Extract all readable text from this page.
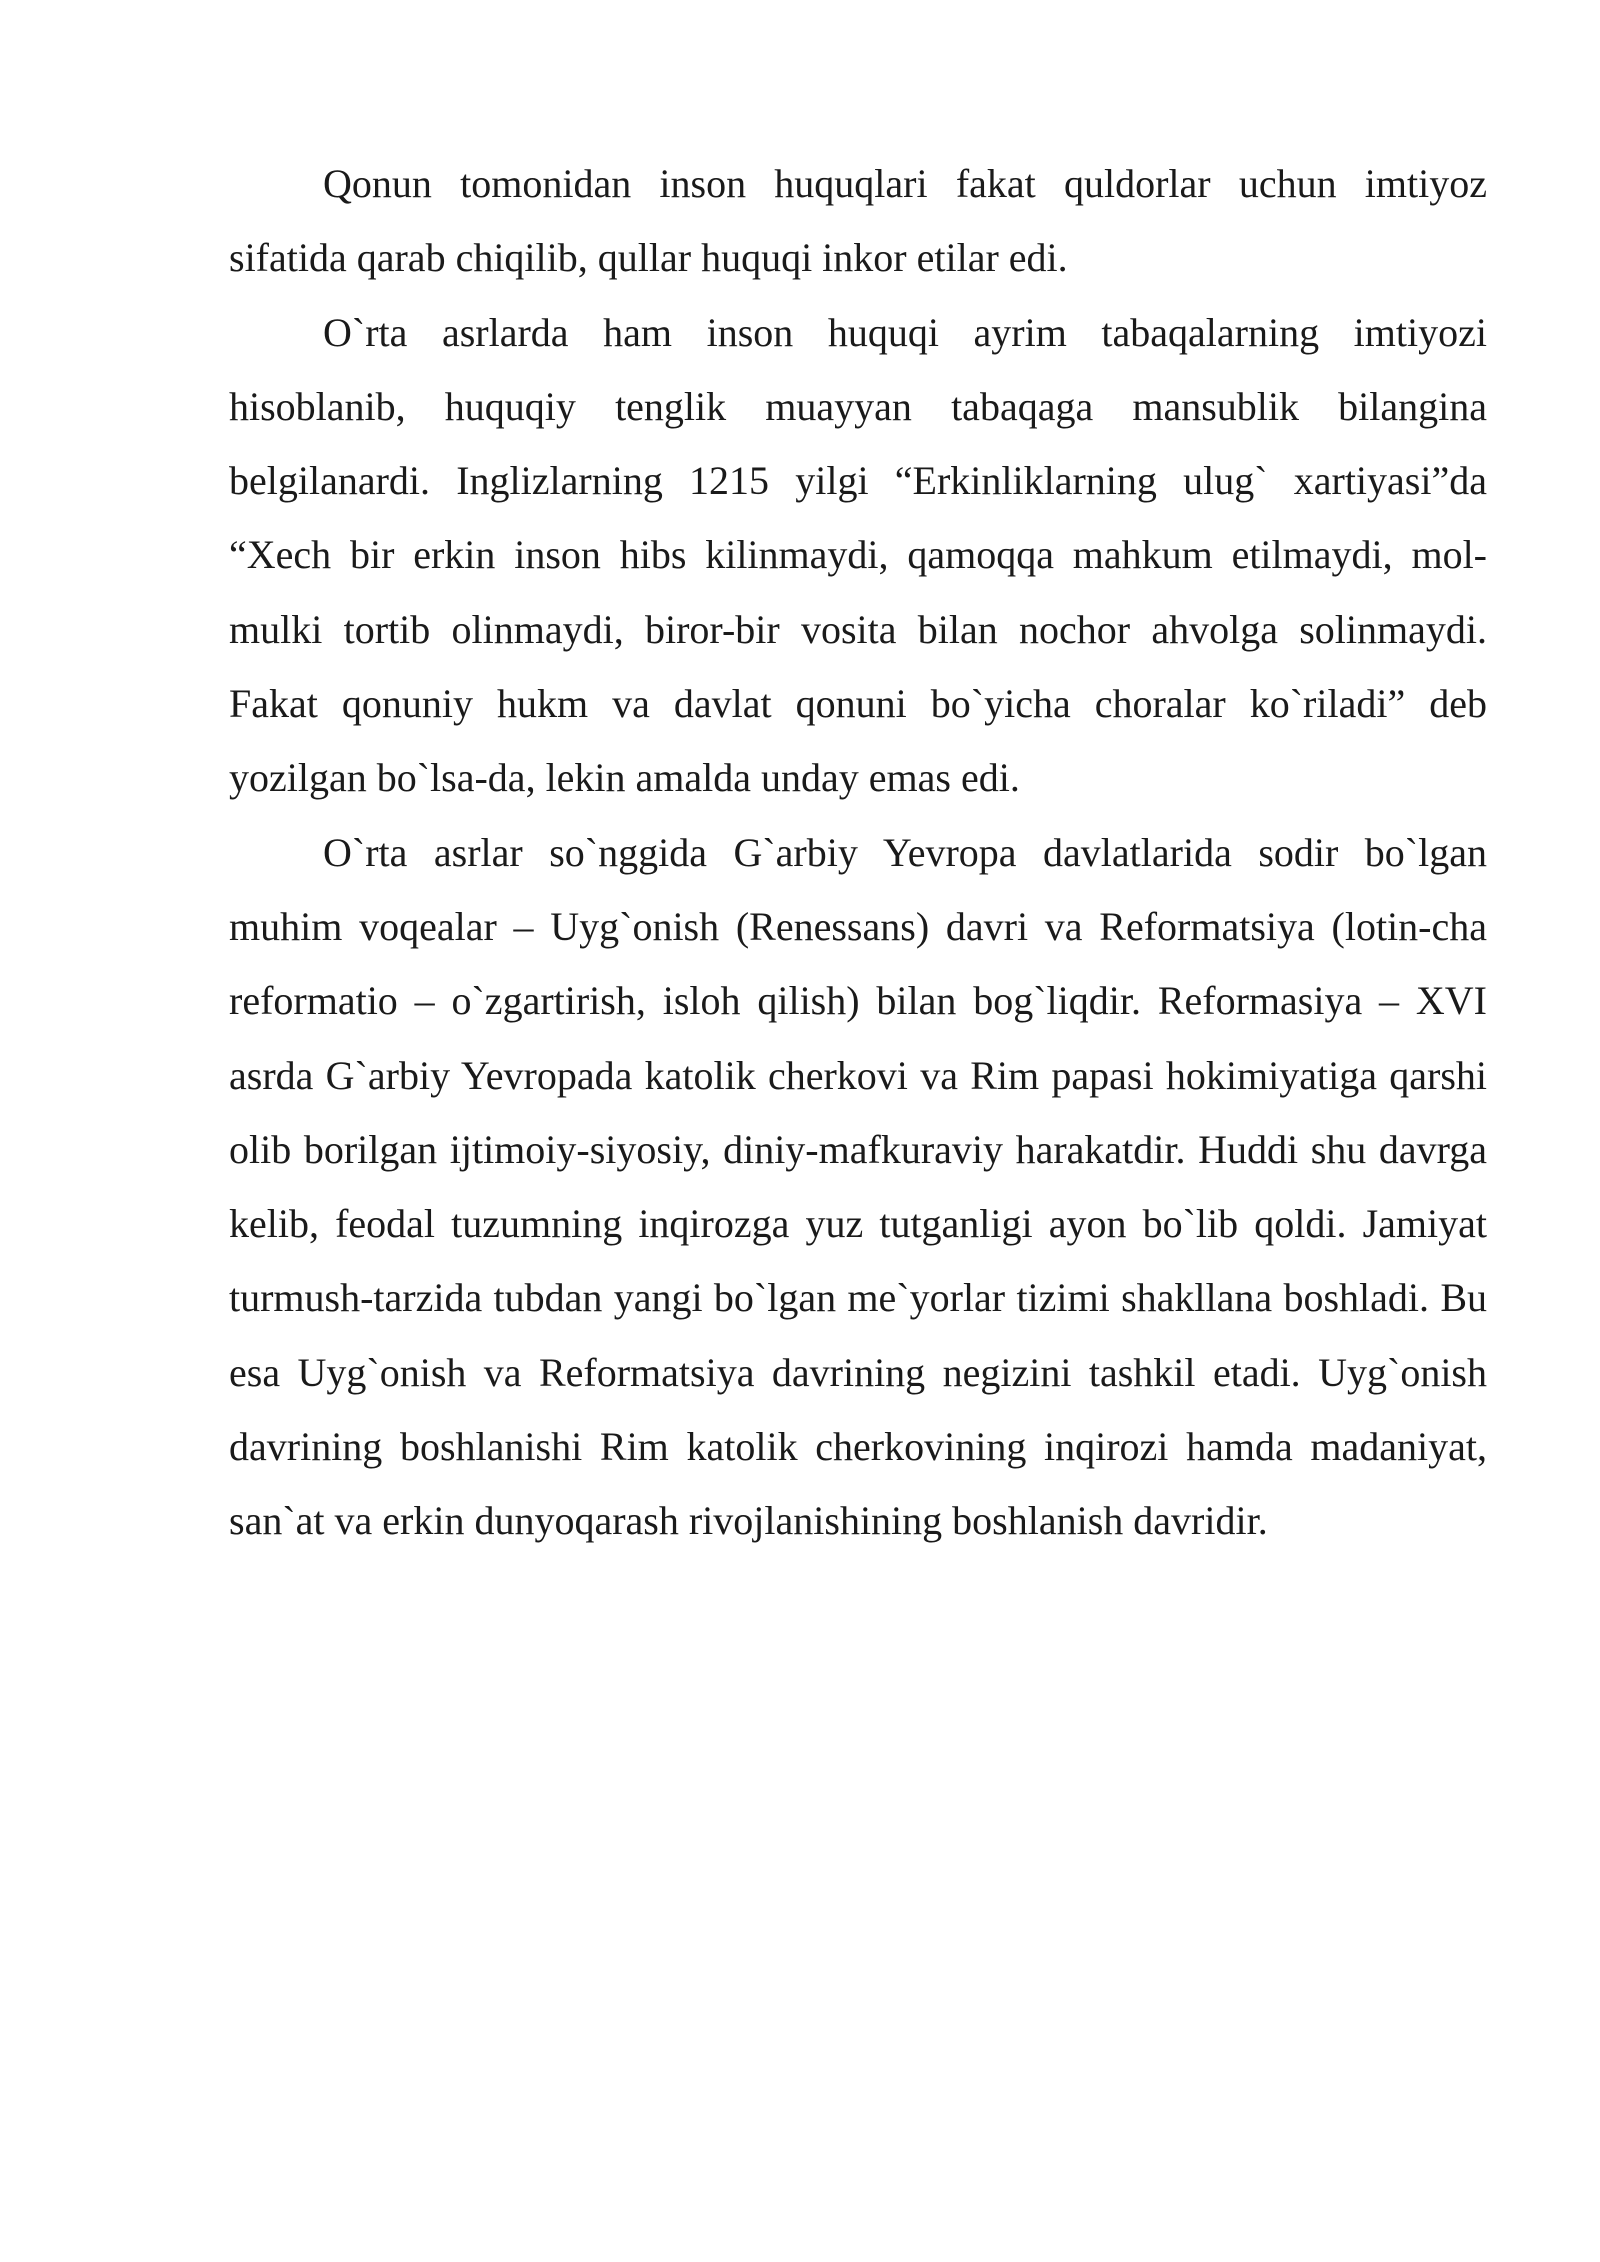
Qonun tomonidan inson huquqlari fakat quldorlar uchun imtiyoz sifatida qarab chiqilib, qullar huquqi inkor etilar edi.

O`rta asrlarda ham inson huquqi ayrim tabaqalarning imtiyozi hisoblanib, huquqiy tenglik muayyan tabaqaga mansublik bilangina belgilanardi. Inglizlarning 1215 yilgi “Erkinliklarning ulug` xartiyasi”da “Xech bir erkin inson hibs kilinmaydi, qamoqqa mahkum etilmaydi, mol-mulki tortib olinmaydi, biror-bir vosita bilan nochor ahvolga solinmaydi. Fakat qonuniy hukm va davlat qonuni bo`yicha choralar ko`riladi” deb yozilgan bo`lsa-da, lekin amalda unday emas edi.

O`rta asrlar so`nggida G`arbiy Yevropa davlatlarida sodir bo`lgan muhim voqealar – Uyg`onish (Renessans) davri va Reformatsiya (lotin-cha reformatio – o`zgartirish, isloh qilish) bilan bog`liqdir. Reformasiya – XVI asrda G`arbiy Yevropada katolik cherkovi va Rim papasi hokimiyatiga qarshi olib borilgan ijtimoiy-siyosiy, diniy-mafkuraviy harakatdir. Huddi shu davrga kelib, feodal tuzumning inqirozga yuz tutganligi ayon bo`lib qoldi. Jamiyat turmush-tarzida tubdan yangi bo`lgan me`yorlar tizimi shakllana boshladi. Bu esa Uyg`onish va Reformatsiya davrining negizini tashkil etadi. Uyg`onish davrining boshlanishi Rim katolik cherkovining inqirozi hamda madaniyat, san`at va erkin dunyoqarash rivojlanishining boshlanish davridir.
